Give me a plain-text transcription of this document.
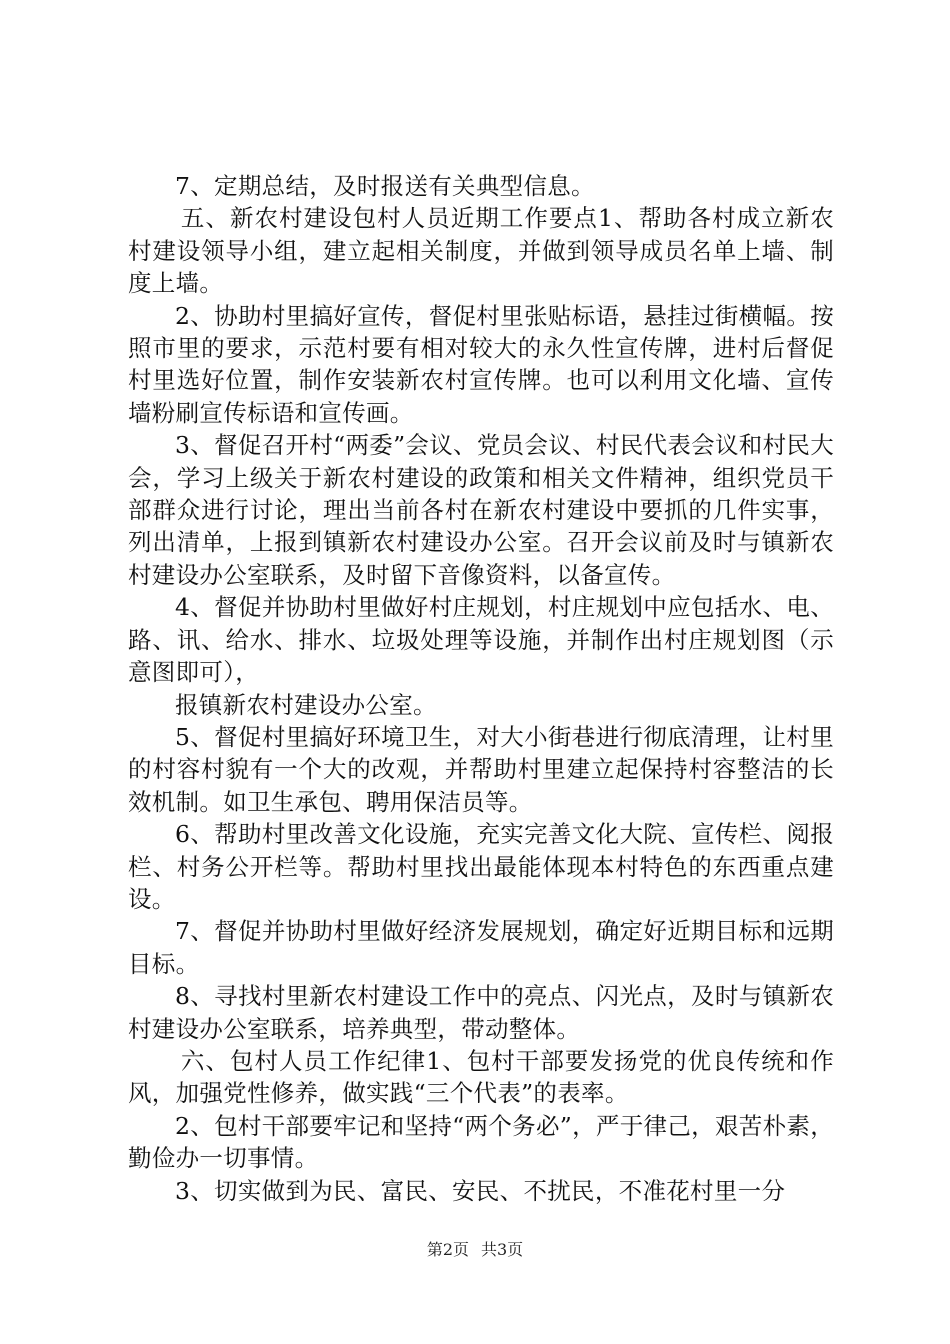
7、定期总结，及时报送有关典型信息。

五、新农村建设包村人员近期工作要点1、帮助各村成立新农村建设领导小组，建立起相关制度，并做到领导成员名单上墙、制度上墙。

2、协助村里搞好宣传，督促村里张贴标语，悬挂过街横幅。按照市里的要求，示范村要有相对较大的永久性宣传牌，进村后督促村里选好位置，制作安装新农村宣传牌。也可以利用文化墙、宣传墙粉刷宣传标语和宣传画。

3、督促召开村“两委”会议、党员会议、村民代表会议和村民大会，学习上级关于新农村建设的政策和相关文件精神，组织党员干部群众进行讨论，理出当前各村在新农村建设中要抓的几件实事，列出清单，上报到镇新农村建设办公室。召开会议前及时与镇新农村建设办公室联系，及时留下音像资料，以备宣传。

4、督促并协助村里做好村庄规划，村庄规划中应包括水、电、路、讯、给水、排水、垃圾处理等设施，并制作出村庄规划图（示意图即可），

报镇新农村建设办公室。

5、督促村里搞好环境卫生，对大小街巷进行彻底清理，让村里的村容村貌有一个大的改观，并帮助村里建立起保持村容整洁的长效机制。如卫生承包、聘用保洁员等。

6、帮助村里改善文化设施，充实完善文化大院、宣传栏、阅报栏、村务公开栏等。帮助村里找出最能体现本村特色的东西重点建设。

7、督促并协助村里做好经济发展规划，确定好近期目标和远期目标。

8、寻找村里新农村建设工作中的亮点、闪光点，及时与镇新农村建设办公室联系，培养典型，带动整体。

六、包村人员工作纪律1、包村干部要发扬党的优良传统和作风，加强党性修养，做实践“三个代表”的表率。

2、包村干部要牢记和坚持“两个务必”，严于律己，艰苦朴素，勤俭办一切事情。

3、切实做到为民、富民、安民、不扰民，不准花村里一分

第2页 共3页
